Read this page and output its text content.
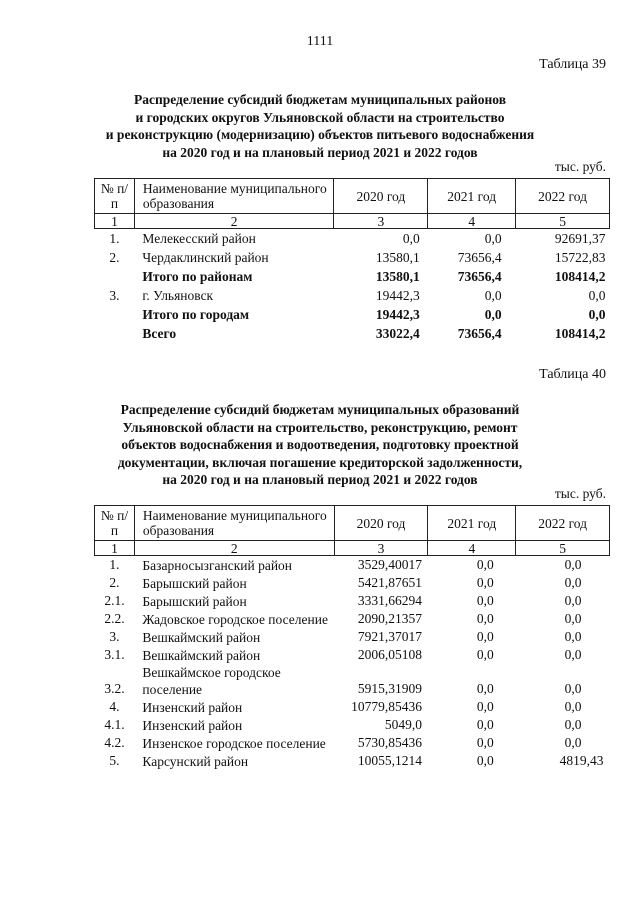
1111
Таблица 39
Распределение субсидий бюджетам муниципальных районов
и городских округов Ульяновской области на строительство
и реконструкцию (модернизацию) объектов питьевого водоснабжения
на 2020 год и на плановый период 2021 и 2022 годов
тыс. руб.
№ п/п	Наименование муниципального образования	2020 год	2021 год	2022 год
1	2	3	4	5
1.	Мелекесский район	0,0	0,0	92691,37
2.	Чердаклинский район	13580,1	73656,4	15722,83
	Итого по районам	13580,1	73656,4	108414,2
3.	г. Ульяновск	19442,3	0,0	0,0
	Итого по городам	19442,3	0,0	0,0
	Всего	33022,4	73656,4	108414,2
Таблица 40
Распределение субсидий бюджетам муниципальных образований
Ульяновской области на строительство, реконструкцию, ремонт
объектов водоснабжения и водоотведения, подготовку проектной
документации, включая погашение кредиторской задолженности,
на 2020 год и на плановый период 2021 и 2022 годов
тыс. руб.
№ п/п	Наименование муниципального образования	2020 год	2021 год	2022 год
1	2	3	4	5
1.	Базарносызганский район	3529,40017	0,0	0,0
2.	Барышский район	5421,87651	0,0	0,0
2.1.	Барышский район	3331,66294	0,0	0,0
2.2.	Жадовское городское поселение	2090,21357	0,0	0,0
3.	Вешкаймский район	7921,37017	0,0	0,0
3.1.	Вешкаймский район	2006,05108	0,0	0,0
3.2.	Вешкаймское городское поселение	5915,31909	0,0	0,0
4.	Инзенский район	10779,85436	0,0	0,0
4.1.	Инзенский район	5049,0	0,0	0,0
4.2.	Инзенское городское поселение	5730,85436	0,0	0,0
5.	Карсунский район	10055,1214	0,0	4819,43
